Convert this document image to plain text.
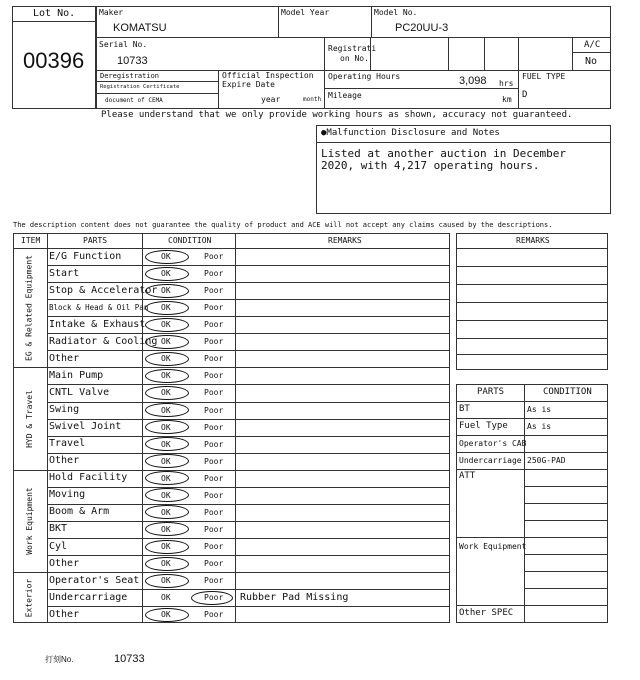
Lot No.
00396
Maker
KOMATSU
Model Year	Model No.
PC20UU-3
Serial No.
10733
Registrati
on No.
A/C
No
Deregistration
Registration Certificate
document of CEMA
Official Inspection
Expire Date
year	month
Operating Hours	3,098 hrs
Mileage	km
FUEL TYPE
D
Please understand that we only provide working hours as shown, accuracy not guaranteed.
●Malfunction Disclosure and Notes
Listed at another auction in December
2020, with 4,217 operating hours.
The description content does not guarantee the quality of product and ACE will not accept any claims caused by the descriptions.
ITEM	PARTS	CONDITION	REMARKS
E/G Function	OK	Poor
Start	OK	Poor
Stop & Accelerator OK	Poor
Block & Head & Oil Pan OK	Poor
Intake & Exhaust OK	Poor
Radiator & Cooling OK	Poor
Other	OK	Poor
EG & Related Equipment
Main Pump	OK	Poor
CNTL Valve	OK	Poor
Swing	OK	Poor
Swivel Joint	OK	Poor
Travel	OK	Poor
Other	OK	Poor
HYD & Travel
Hold Facility	OK	Poor
Moving	OK	Poor
Boom & Arm	OK	Poor
BKT	OK	Poor
Cyl	OK	Poor
Other	OK	Poor
Work Equipment
Operator's Seat	OK	Poor
Undercarriage	OK	Poor Rubber Pad Missing
Other	OK	Poor
Exterior
REMARKS
PARTS	CONDITION
BT	As is
Fuel Type As is
Operator's CAB
Undercarriage 250G-PAD
ATT
Work Equipment
Other SPEC
打刻No.	10733
